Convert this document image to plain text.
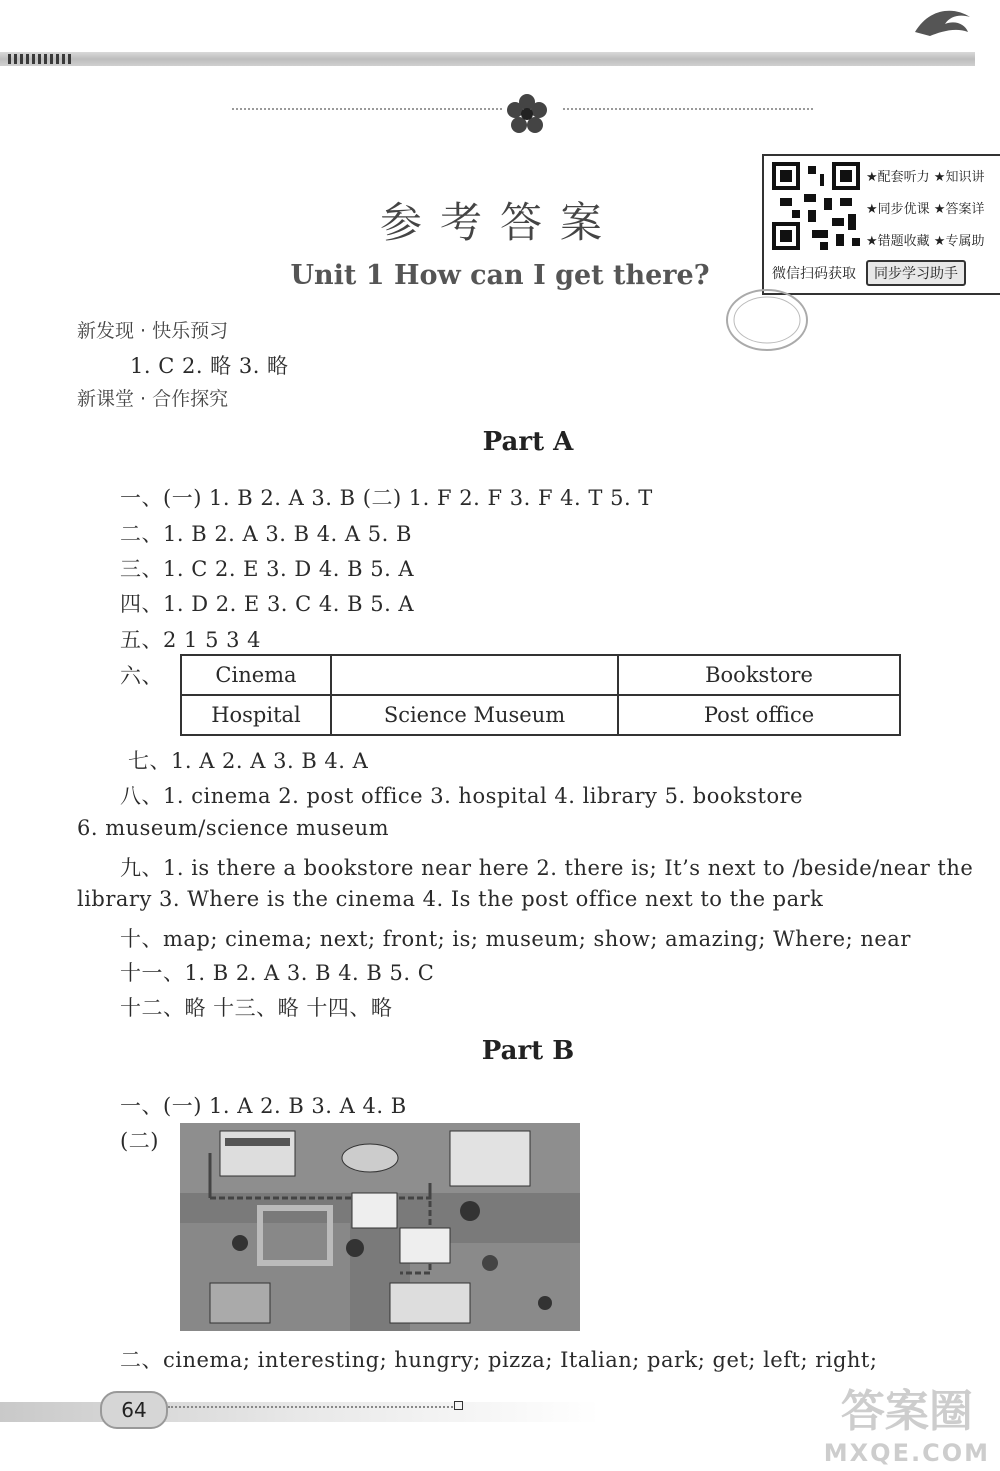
参考答案
Unit 1 How can I get there?
★配套听力 ★知识讲
★同步优课 ★答案详
★错题收藏 ★专属助
微信扫码获取 同步学习助手
新发现 · 快乐预习
1. C 2. 略 3. 略
新课堂 · 合作探究
Part A
一、(一) 1. B 2. A 3. B (二) 1. F 2. F 3. F 4. T 5. T
二、1. B 2. A 3. B 4. A 5. B
三、1. C 2. E 3. D 4. B 5. A
四、1. D 2. E 3. C 4. B 5. A
五、2 1 5 3 4
六、 Cinema		Bookstore
Hospital	Science Museum	Post office
七、1. A 2. A 3. B 4. A
八、1. cinema 2. post office 3. hospital 4. library 5. bookstore
6. museum/science museum
九、1. is there a bookstore near here 2. there is; It’s next to /beside/near the
library 3. Where is the cinema 4. Is the post office next to the park
十、map; cinema; next; front; is; museum; show; amazing; Where; near
十一、1. B 2. A 3. B 4. B 5. C
十二、略 十三、略 十四、略
Part B
一、(一) 1. A 2. B 3. A 4. B
(二)
二、cinema; interesting; hungry; pizza; Italian; park; get; left; right;
64	答案圈
MXQE.COM
